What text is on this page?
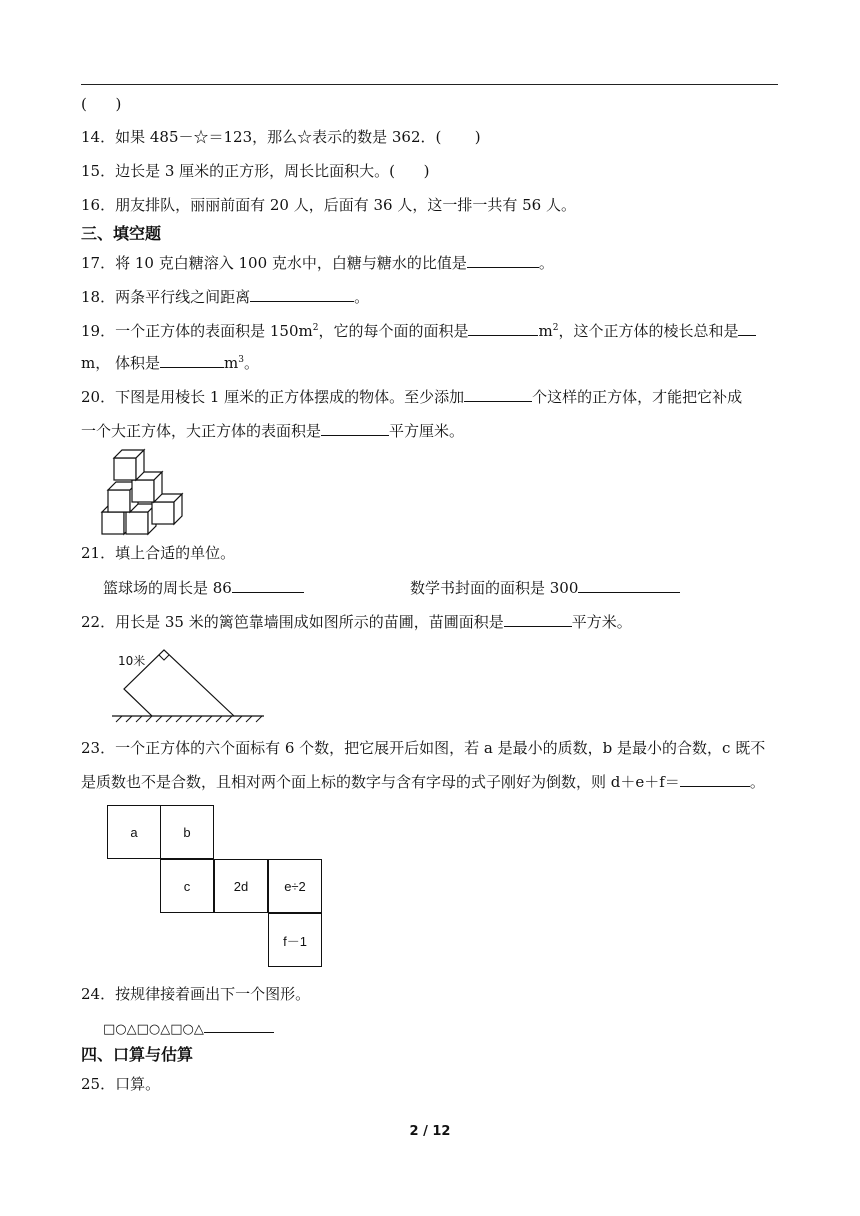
(      )
14．如果 485－☆＝123，那么☆表示的数是 362．(       )
15．边长是 3 厘米的正方形，周长比面积大。(      )
16．朋友排队，丽丽前面有 20 人，后面有 36 人，这一排一共有 56 人。
三、填空题
17．将 10 克白糖溶入 100 克水中，白糖与糖水的比值是	。
18．两条平行线之间距离	。
19．一个正方体的表面积是 $150m^2$，它的每个面的面积是	$m^2$，这个正方体的棱长总和是
m， 体积是	$m^3$。
20．下图是用棱长 1 厘米的正方体摆成的物体。至少添加	个这样的正方体，才能把它补成
一个大正方体，大正方体的表面积是	平方厘米。
21．填上合适的单位。
篮球场的周长是 86	数学书封面的面积是 300
22．用长是 35 米的篱笆靠墙围成如图所示的苗圃，苗圃面积是	平方米。
10米
23．一个正方体的六个面标有 6 个数，把它展开后如图，若 a 是最小的质数，b 是最小的合数，c 既不
是质数也不是合数，且相对两个面上标的数字与含有字母的式子刚好为倒数，则 d＋e＋f＝	。
a	b
c	2d	e÷2
f－1
24．按规律接着画出下一个图形。
□○△□○△□○△
四、口算与估算
25．口算。
2 / 12
